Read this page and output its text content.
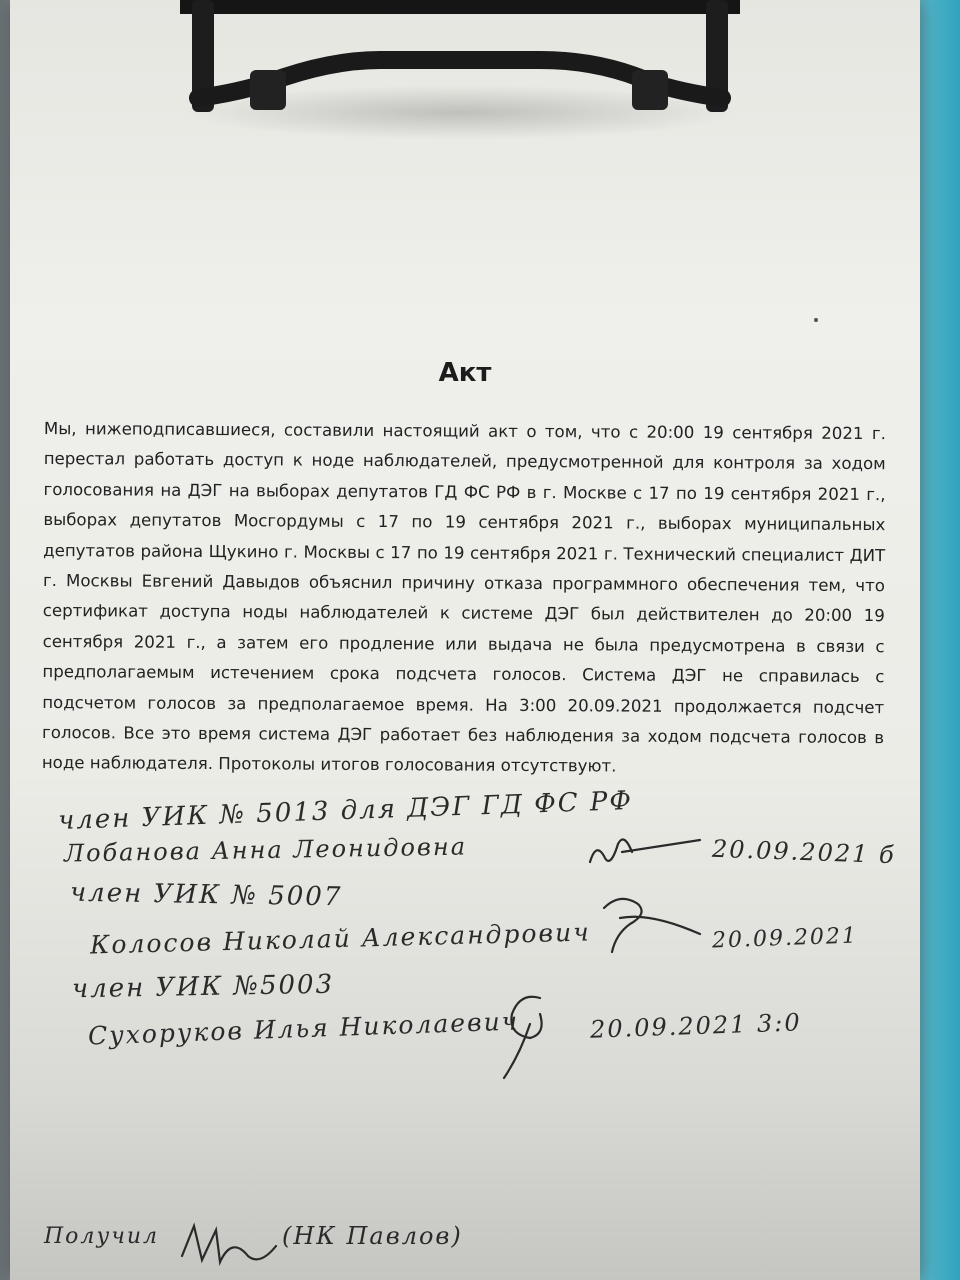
Акт
Мы, нижеподписавшиеся, составили настоящий акт о том, что с 20:00 19 сентября 2021 г. перестал работать доступ к ноде наблюдателей, предусмотренной для контроля за ходом голосования на ДЭГ на выборах депутатов ГД ФС РФ в г. Москве с 17 по 19 сентября 2021 г., выборах депутатов Мосгордумы с 17 по 19 сентября 2021 г., выборах муниципальных депутатов района Щукино г. Москвы с 17 по 19 сентября 2021 г. Технический специалист ДИТ г. Москвы Евгений Давыдов объяснил причину отказа программного обеспечения тем, что сертификат доступа ноды наблюдателей к системе ДЭГ был действителен до 20:00 19 сентября 2021 г., а затем его продление или выдача не была предусмотрена в связи с предполагаемым истечением срока подсчета голосов. Система ДЭГ не справилась с подсчетом голосов за предполагаемое время. На 3:00 20.09.2021 продолжается подсчет голосов. Все это время система ДЭГ работает без наблюдения за ходом подсчета голосов в ноде наблюдателя. Протоколы итогов голосования отсутствуют.
член УИК № 5013 для ДЭГ ГД ФС РФ
Лобанова Анна Леонидовна	20.09.2021 б
член УИК № 5007
Колосов Николай Александрович	20.09.2021
член УИК №5003
Сухоруков Илья Николаевич	20.09.2021 3:0
Получил	(НК Павлов)
